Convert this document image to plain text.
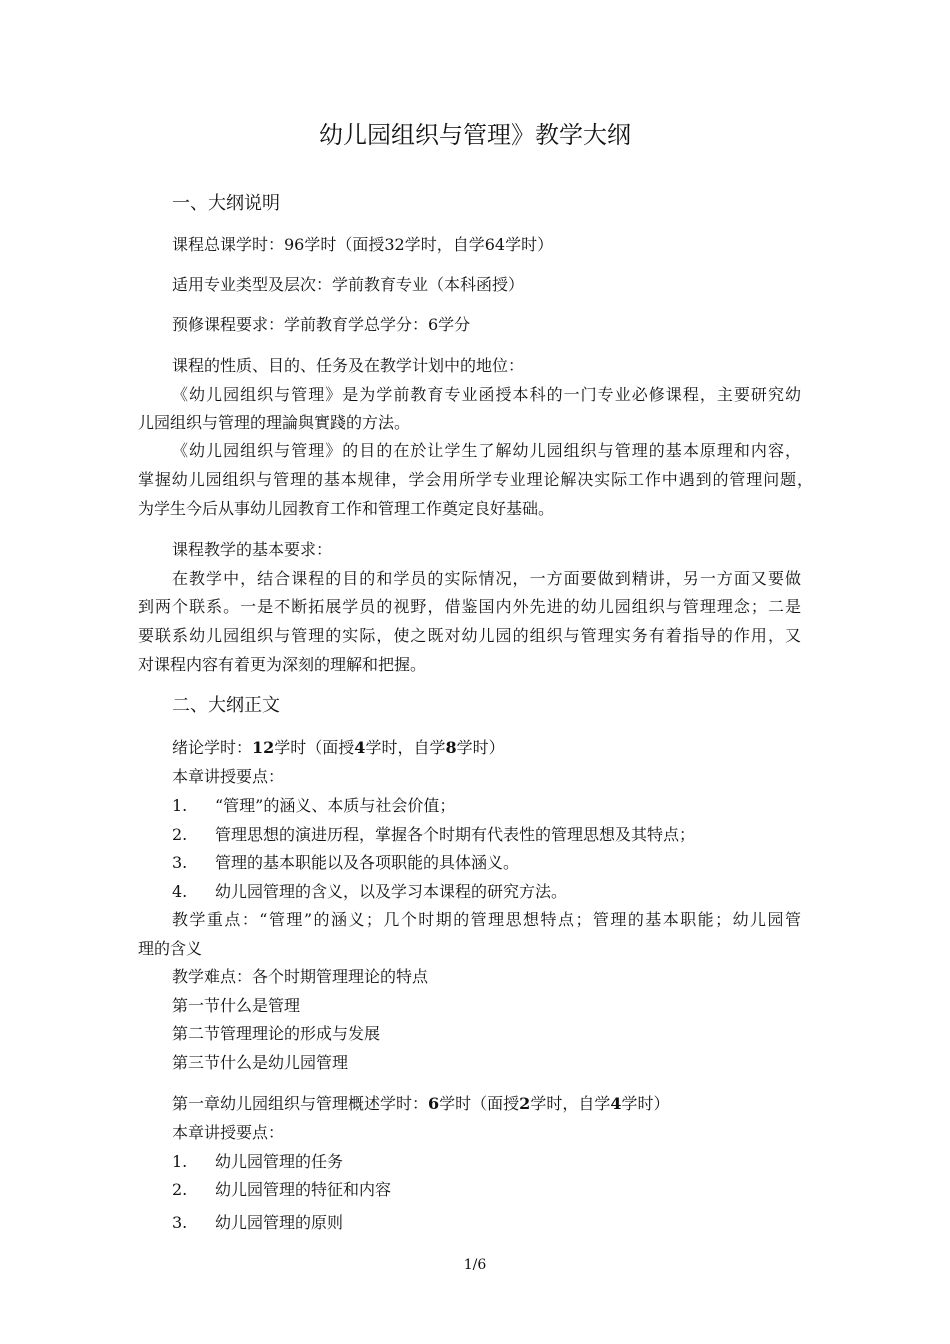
幼儿园组织与管理》教学大纲
一、大纲说明
课程总课学时：96学时（面授32学时，自学64学时）
适用专业类型及层次：学前教育专业（本科函授）
预修课程要求：学前教育学总学分：6学分
课程的性质、目的、任务及在教学计划中的地位：
《幼儿园组织与管理》是为学前教育专业函授本科的一门专业必修课程，主要研究幼
儿园组织与管理的理論與實踐的方法。
《幼儿园组织与管理》的目的在於让学生了解幼儿园组织与管理的基本原理和内容，
掌握幼儿园组织与管理的基本规律，学会用所学专业理论解决实际工作中遇到的管理问题，
为学生今后从事幼儿园教育工作和管理工作奠定良好基础。
课程教学的基本要求：
在教学中，结合课程的目的和学员的实际情况，一方面要做到精讲，另一方面又要做
到两个联系。一是不断拓展学员的视野，借鉴国内外先进的幼儿园组织与管理理念；二是
要联系幼儿园组织与管理的实际，使之既对幼儿园的组织与管理实务有着指导的作用，又
对课程内容有着更为深刻的理解和把握。
二、大纲正文
绪论学时：12学时（面授4学时，自学8学时）
本章讲授要点：
1. “管理”的涵义、本质与社会价值；
2. 管理思想的演进历程，掌握各个时期有代表性的管理思想及其特点；
3. 管理的基本职能以及各项职能的具体涵义。
4. 幼儿园管理的含义，以及学习本课程的研究方法。
教学重点：“管理”的涵义；几个时期的管理思想特点；管理的基本职能；幼儿园管
理的含义
教学难点：各个时期管理理论的特点
第一节什么是管理
第二节管理理论的形成与发展
第三节什么是幼儿园管理
第一章幼儿园组织与管理概述学时：6学时（面授2学时，自学4学时）
本章讲授要点：
1. 幼儿园管理的任务
2. 幼儿园管理的特征和内容
3. 幼儿园管理的原则
1/6
